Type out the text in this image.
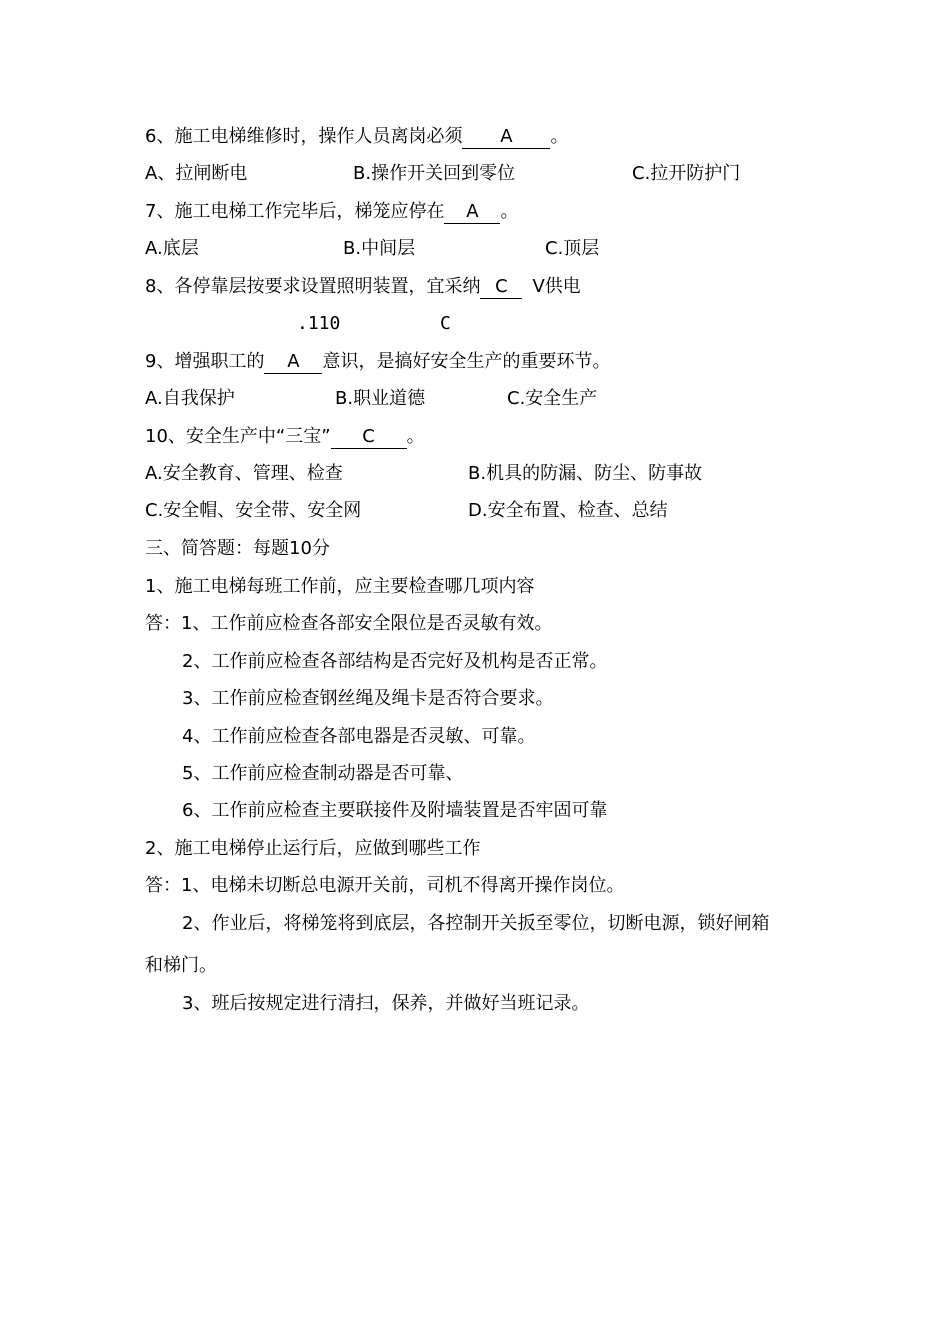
6、施工电梯维修时，操作人员离岗必须 A 。
A、拉闸断电	B.操作开关回到零位	C.拉开防护门
7、施工电梯工作完毕后，梯笼应停在 A 。
A.底层	B.中间层	C.顶层
8、各停靠层按要求设置照明装置，宜采纳 C V供电
.110	C
9、增强职工的 A 意识，是搞好安全生产的重要环节。
A.自我保护	B.职业道德	C.安全生产
10、安全生产中“三宝” C 。
A.安全教育、管理、检查	B.机具的防漏、防尘、防事故
C.安全帽、安全带、安全网	D.安全布置、检查、总结
三、简答题：每题10分
1、施工电梯每班工作前，应主要检查哪几项内容
答：1、工作前应检查各部安全限位是否灵敏有效。
2、工作前应检查各部结构是否完好及机构是否正常。
3、工作前应检查钢丝绳及绳卡是否符合要求。
4、工作前应检查各部电器是否灵敏、可靠。
5、工作前应检查制动器是否可靠、
6、工作前应检查主要联接件及附墙装置是否牢固可靠
2、施工电梯停止运行后，应做到哪些工作
答：1、电梯未切断总电源开关前，司机不得离开操作岗位。
2、作业后，将梯笼将到底层，各控制开关扳至零位，切断电源，锁好闸箱
和梯门。
3、班后按规定进行清扫，保养，并做好当班记录。
